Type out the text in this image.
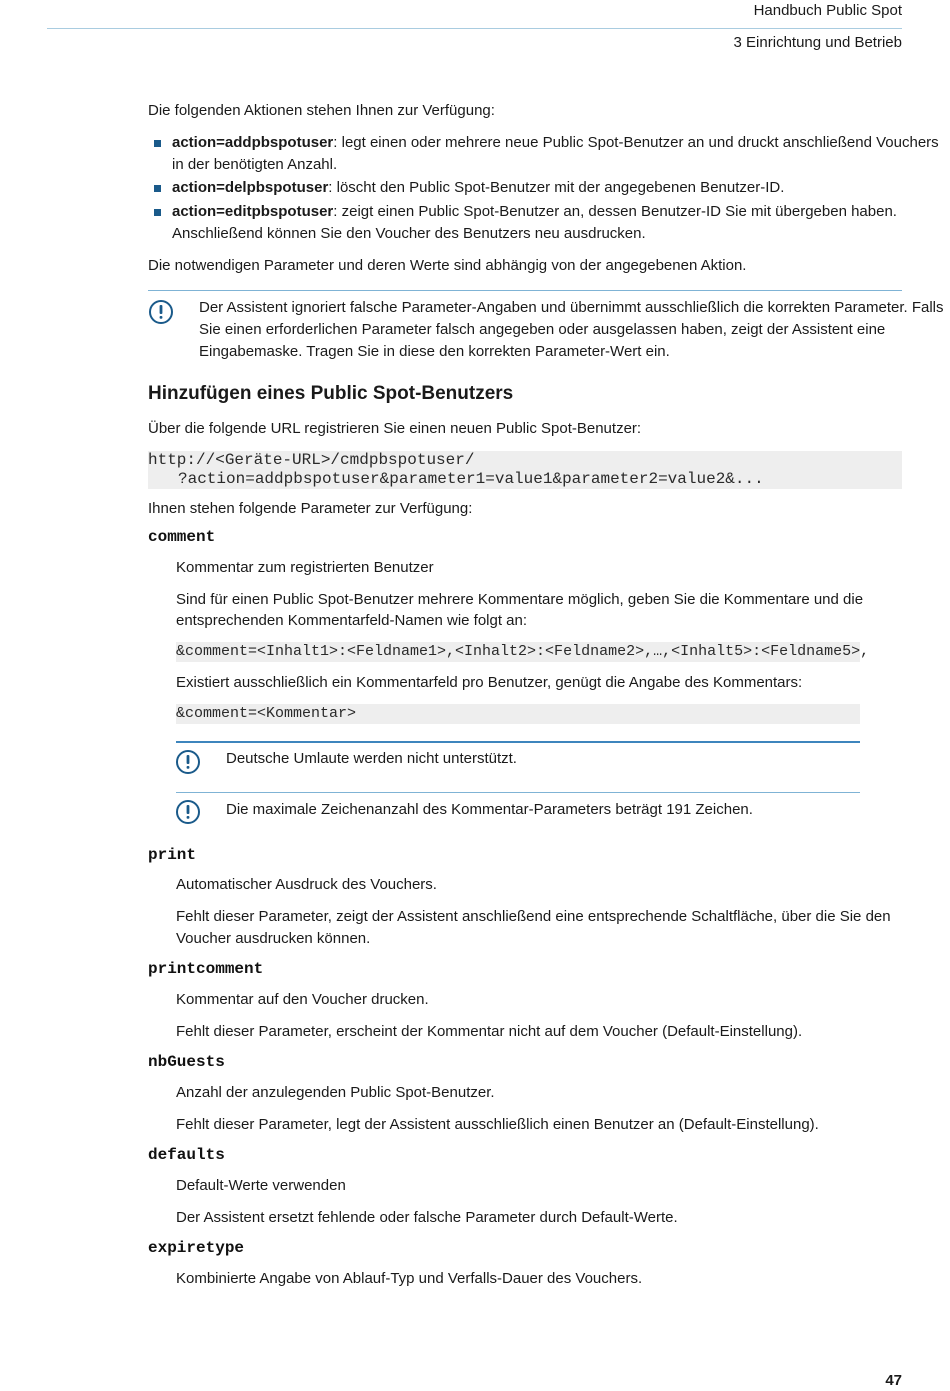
Handbuch Public Spot
3 Einrichtung und Betrieb
Die folgenden Aktionen stehen Ihnen zur Verfügung:
action=addpbspotuser: legt einen oder mehrere neue Public Spot-Benutzer an und druckt anschließend Vouchers
in der benötigten Anzahl.
action=delpbspotuser: löscht den Public Spot-Benutzer mit der angegebenen Benutzer-ID.
action=editpbspotuser: zeigt einen Public Spot-Benutzer an, dessen Benutzer-ID Sie mit übergeben haben.
Anschließend können Sie den Voucher des Benutzers neu ausdrucken.
Die notwendigen Parameter und deren Werte sind abhängig von der angegebenen Aktion.
Der Assistent ignoriert falsche Parameter-Angaben und übernimmt ausschließlich die korrekten Parameter. Falls
Sie einen erforderlichen Parameter falsch angegeben oder ausgelassen haben, zeigt der Assistent eine
Eingabemaske. Tragen Sie in diese den korrekten Parameter-Wert ein.
Hinzufügen eines Public Spot-Benutzers
Über die folgende URL registrieren Sie einen neuen Public Spot-Benutzer:
http://<Geräte-URL>/cmdpbspotuser/
?action=addpbspotuser&parameter1=value1&parameter2=value2&...
Ihnen stehen folgende Parameter zur Verfügung:
comment
Kommentar zum registrierten Benutzer
Sind für einen Public Spot-Benutzer mehrere Kommentare möglich, geben Sie die Kommentare und die
entsprechenden Kommentarfeld-Namen wie folgt an:
&comment=<Inhalt1>:<Feldname1>,<Inhalt2>:<Feldname2>,…,<Inhalt5>:<Feldname5>,
Existiert ausschließlich ein Kommentarfeld pro Benutzer, genügt die Angabe des Kommentars:
&comment=<Kommentar>
Deutsche Umlaute werden nicht unterstützt.
Die maximale Zeichenanzahl des Kommentar-Parameters beträgt 191 Zeichen.
print
Automatischer Ausdruck des Vouchers.
Fehlt dieser Parameter, zeigt der Assistent anschließend eine entsprechende Schaltfläche, über die Sie den
Voucher ausdrucken können.
printcomment
Kommentar auf den Voucher drucken.
Fehlt dieser Parameter, erscheint der Kommentar nicht auf dem Voucher (Default-Einstellung).
nbGuests
Anzahl der anzulegenden Public Spot-Benutzer.
Fehlt dieser Parameter, legt der Assistent ausschließlich einen Benutzer an (Default-Einstellung).
defaults
Default-Werte verwenden
Der Assistent ersetzt fehlende oder falsche Parameter durch Default-Werte.
expiretype
Kombinierte Angabe von Ablauf-Typ und Verfalls-Dauer des Vouchers.
47
